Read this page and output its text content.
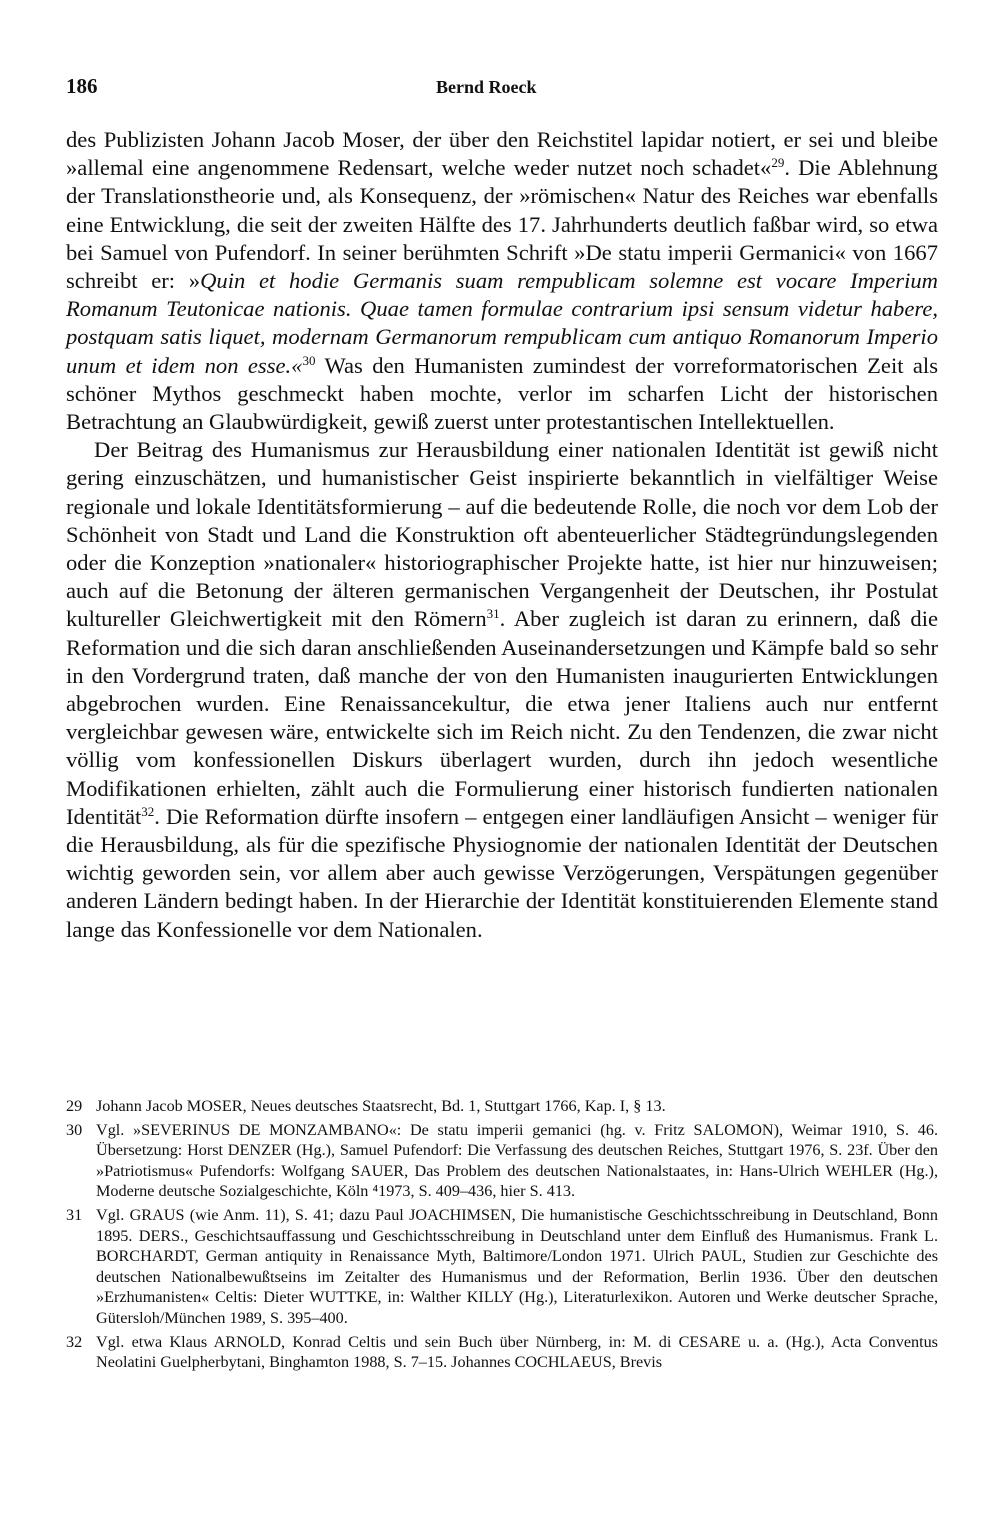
186	Bernd Roeck

des Publizisten Johann Jacob Moser, der über den Reichstitel lapidar notiert, er sei und bleibe »allemal eine angenommene Redensart, welche weder nutzet noch schadet«$^{29}$. Die Ablehnung der Translationstheorie und, als Konsequenz, der »römischen« Natur des Reiches war ebenfalls eine Entwicklung, die seit der zweiten Hälfte des 17. Jahrhunderts deutlich faßbar wird, so etwa bei Samuel von Pufendorf. In seiner berühmten Schrift »De statu imperii Germanici« von 1667 schreibt er: »Quin et hodie Germanis suam rempublicam solemne est vocare Imperium Romanum Teutonicae nationis. Quae tamen formulae contrarium ipsi sensum videtur habere, postquam satis liquet, modernam Germanorum rempublicam cum antiquo Romanorum Imperio unum et idem non esse.«$^{30}$ Was den Humanisten zumindest der vorreformatorischen Zeit als schöner Mythos geschmeckt haben mochte, verlor im scharfen Licht der historischen Betrachtung an Glaubwürdigkeit, gewiß zuerst unter protestantischen Intellektuellen.

Der Beitrag des Humanismus zur Herausbildung einer nationalen Identität ist gewiß nicht gering einzuschätzen, und humanistischer Geist inspirierte bekanntlich in vielfältiger Weise regionale und lokale Identitätsformierung – auf die bedeutende Rolle, die noch vor dem Lob der Schönheit von Stadt und Land die Konstruktion oft abenteuerlicher Städtegründungslegenden oder die Konzeption »nationaler« historiographischer Projekte hatte, ist hier nur hinzuweisen; auch auf die Betonung der älteren germanischen Vergangenheit der Deutschen, ihr Postulat kultureller Gleichwertigkeit mit den Römern$^{31}$. Aber zugleich ist daran zu erinnern, daß die Reformation und die sich daran anschließenden Auseinandersetzungen und Kämpfe bald so sehr in den Vordergrund traten, daß manche der von den Humanisten inaugurierten Entwicklungen abgebrochen wurden. Eine Renaissancekultur, die etwa jener Italiens auch nur entfernt vergleichbar gewesen wäre, entwickelte sich im Reich nicht. Zu den Tendenzen, die zwar nicht völlig vom konfessionellen Diskurs überlagert wurden, durch ihn jedoch wesentliche Modifikationen erhielten, zählt auch die Formulierung einer historisch fundierten nationalen Identität$^{32}$. Die Reformation dürfte insofern – entgegen einer landläufigen Ansicht – weniger für die Herausbildung, als für die spezifische Physiognomie der nationalen Identität der Deutschen wichtig geworden sein, vor allem aber auch gewisse Verzögerungen, Verspätungen gegenüber anderen Ländern bedingt haben. In der Hierarchie der Identität konstituierenden Elemente stand lange das Konfessionelle vor dem Nationalen.

29 Johann Jacob MOSER, Neues deutsches Staatsrecht, Bd. 1, Stuttgart 1766, Kap. I, § 13.
30 Vgl. »SEVERINUS DE MONZAMBANO«: De statu imperii gemanici (hg. v. Fritz SALOMON), Weimar 1910, S. 46. Übersetzung: Horst DENZER (Hg.), Samuel Pufendorf: Die Verfassung des deutschen Reiches, Stuttgart 1976, S. 23f. Über den »Patriotismus« Pufendorfs: Wolfgang SAUER, Das Problem des deutschen Nationalstaates, in: Hans-Ulrich WEHLER (Hg.), Moderne deutsche Sozialgeschichte, Köln ⁴1973, S. 409–436, hier S. 413.
31 Vgl. GRAUS (wie Anm. 11), S. 41; dazu Paul JOACHIMSEN, Die humanistische Geschichtsschreibung in Deutschland, Bonn 1895. DERS., Geschichtsauffassung und Geschichtsschreibung in Deutschland unter dem Einfluß des Humanismus. Frank L. BORCHARDT, German antiquity in Renaissance Myth, Baltimore/London 1971. Ulrich PAUL, Studien zur Geschichte des deutschen Nationalbewußtseins im Zeitalter des Humanismus und der Reformation, Berlin 1936. Über den deutschen »Erzhumanisten« Celtis: Dieter WUTTKE, in: Walther KILLY (Hg.), Literaturlexikon. Autoren und Werke deutscher Sprache, Gütersloh/München 1989, S. 395–400.
32 Vgl. etwa Klaus ARNOLD, Konrad Celtis und sein Buch über Nürnberg, in: M. di CESARE u. a. (Hg.), Acta Conventus Neolatini Guelpherbytani, Binghamton 1988, S. 7–15. Johannes COCHLAEUS, Brevis
